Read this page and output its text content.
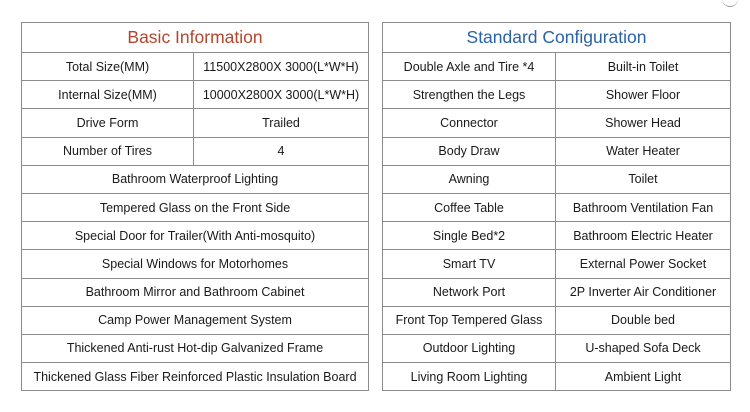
Basic Information	
Total Size(MM)	11500X2800X 3000(L*W*H)
Internal Size(MM)	10000X2800X 3000(L*W*H)
Drive Form	Trailed
Number of Tires	4
Bathroom Waterproof Lighting	
Tempered Glass on the Front Side	
Special Door for Trailer(With Anti-mosquito)	
Special Windows for Motorhomes	
Bathroom Mirror and Bathroom Cabinet	
Camp Power Management System	
Thickened Anti-rust Hot-dip Galvanized Frame	
Thickened Glass Fiber Reinforced Plastic Insulation Board	
Standard Configuration	
Double Axle and Tire *4	Built-in Toilet
Strengthen the Legs	Shower Floor
Connector	Shower Head
Body Draw	Water Heater
Awning	Toilet
Coffee Table	Bathroom Ventilation Fan
Single Bed*2	Bathroom Electric Heater
Smart TV	External Power Socket
Network Port	2P Inverter Air Conditioner
Front Top Tempered Glass	Double bed
Outdoor Lighting	U-shaped Sofa Deck
Living Room Lighting	Ambient Light
